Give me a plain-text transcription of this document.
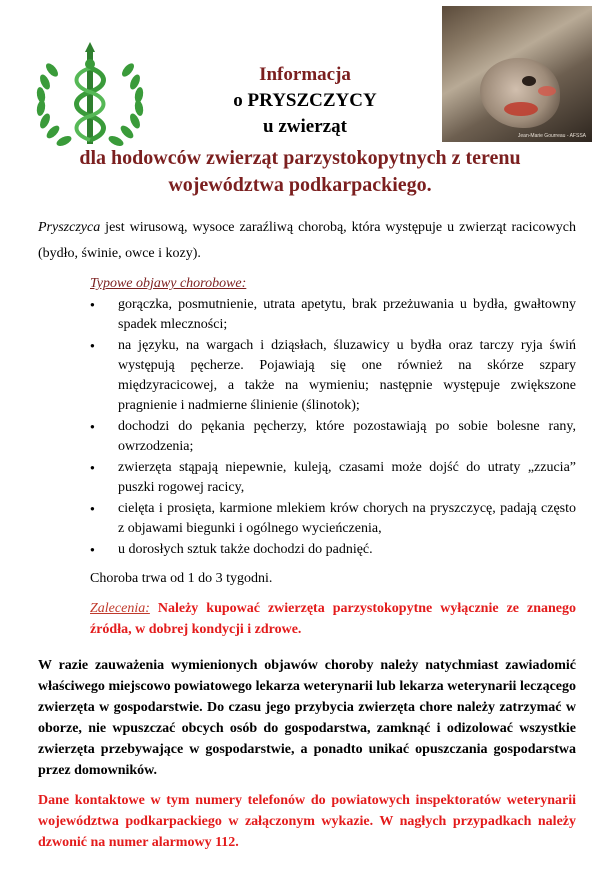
Jean-Marie Gourreau - AFSSA
Informacja
o PRYSZCZYCY
u zwierząt
dla hodowców zwierząt parzystokopytnych z terenu województwa podkarpackiego.
Pryszczyca jest wirusową, wysoce zaraźliwą chorobą, która występuje u zwierząt racicowych (bydło, świnie, owce i kozy).
Typowe objawy chorobowe:
● gorączka, posmutnienie, utrata apetytu, brak przeżuwania u bydła, gwałtowny spadek mleczności;
● na języku, na wargach i dziąsłach, śluzawicy u bydła oraz tarczy ryja świń występują pęcherze. Pojawiają się one również na skórze szpary międzyracicowej, a także na wymieniu; następnie występuje zwiększone pragnienie i nadmierne ślinienie (ślinotok);
● dochodzi do pękania pęcherzy, które pozostawiają po sobie bolesne rany, owrzodzenia;
● zwierzęta stąpają niepewnie, kuleją, czasami może dojść do utraty „zzucia” puszki rogowej racicy,
● cielęta i prosięta, karmione mlekiem krów chorych na pryszczycę, padają często z objawami biegunki i ogólnego wycieńczenia,
● u dorosłych sztuk także dochodzi do padnięć.
Choroba trwa od 1 do 3 tygodni.
Zalecenia: Należy kupować zwierzęta parzystokopytne wyłącznie ze znanego źródła, w dobrej kondycji i zdrowe.
W razie zauważenia wymienionych objawów choroby należy natychmiast zawiadomić właściwego miejscowo powiatowego lekarza weterynarii lub lekarza weterynarii leczącego zwierzęta w gospodarstwie. Do czasu jego przybycia zwierzęta chore należy zatrzymać w oborze, nie wpuszczać obcych osób do gospodarstwa, zamknąć i odizolować wszystkie zwierzęta przebywające w gospodarstwie, a ponadto unikać opuszczania gospodarstwa przez domowników.
Dane kontaktowe w tym numery telefonów do powiatowych inspektoratów weterynarii województwa podkarpackiego w załączonym wykazie. W nagłych przypadkach należy dzwonić na numer alarmowy 112.
